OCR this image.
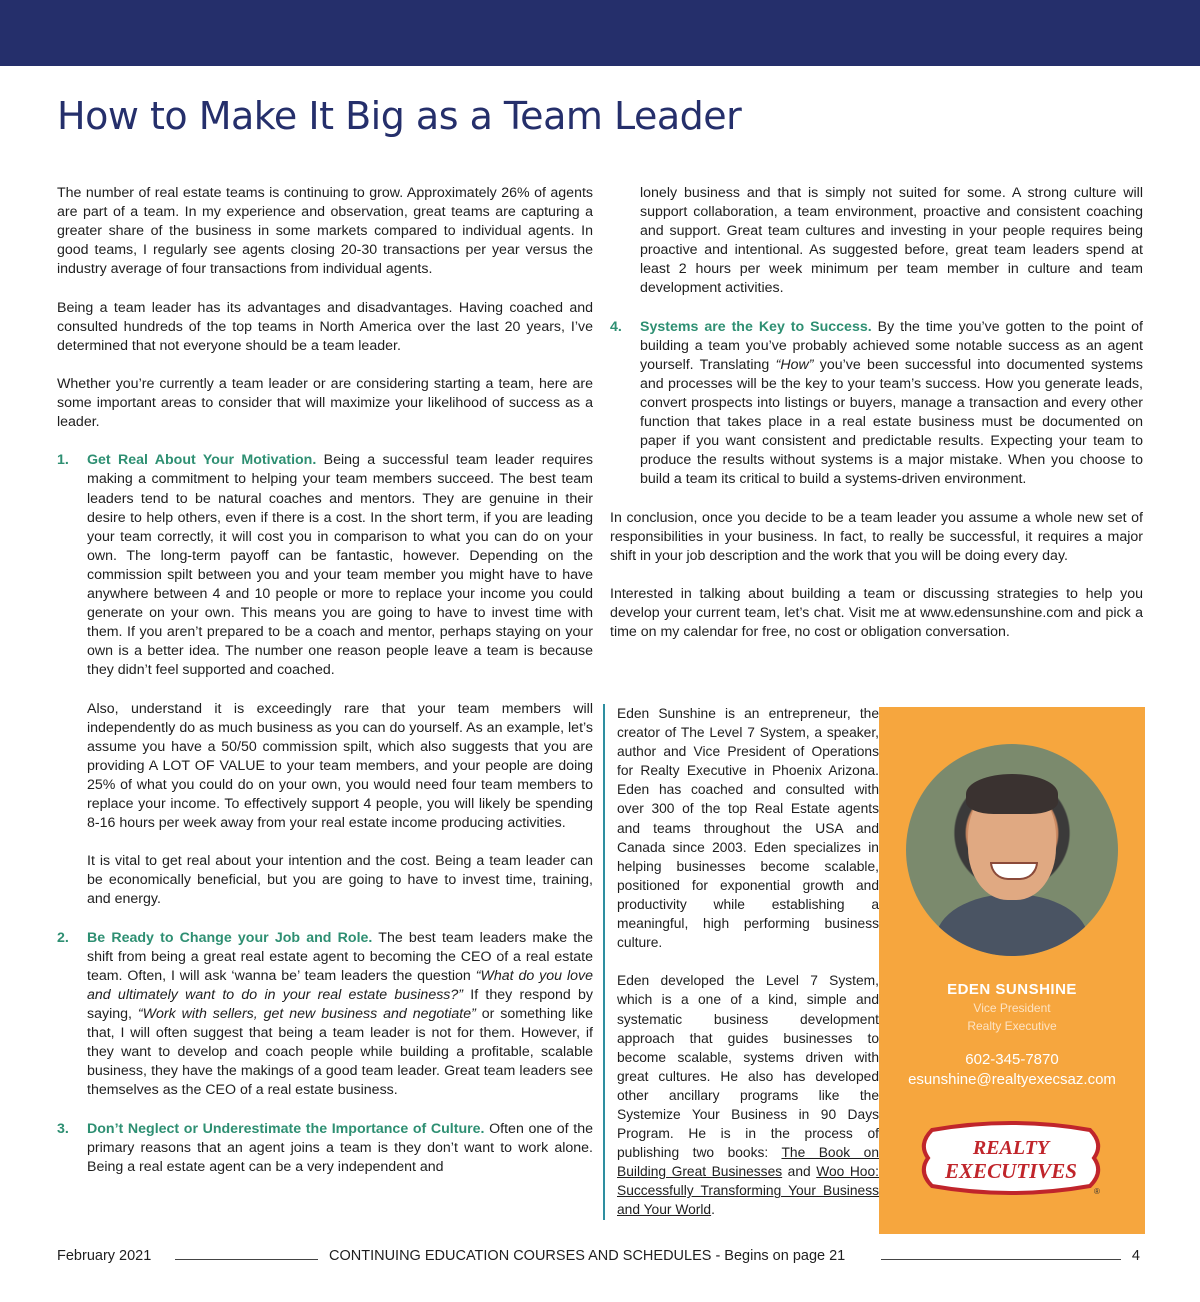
How to Make It Big as a Team Leader

The number of real estate teams is continuing to grow. Approximately 26% of agents are part of a team. In my experience and observation, great teams are capturing a greater share of the business in some markets compared to individual agents. In good teams, I regularly see agents closing 20-30 transactions per year versus the industry average of four transactions from individual agents.

Being a team leader has its advantages and disadvantages. Having coached and consulted hundreds of the top teams in North America over the last 20 years, I’ve determined that not everyone should be a team leader.

Whether you’re currently a team leader or are considering starting a team, here are some important areas to consider that will maximize your likelihood of success as a leader.

1.	Get Real About Your Motivation. Being a successful team leader requires making a commitment to helping your team members succeed. The best team leaders tend to be natural coaches and mentors. They are genuine in their desire to help others, even if there is a cost. In the short term, if you are leading your team correctly, it will cost you in comparison to what you can do on your own. The long-term payoff can be fantastic, however. Depending on the commission spilt between you and your team member you might have to have anywhere between 4 and 10 people or more to replace your income you could generate on your own. This means you are going to have to invest time with them. If you aren’t prepared to be a coach and mentor, perhaps staying on your own is a better idea. The number one reason people leave a team is because they didn’t feel supported and coached.

Also, understand it is exceedingly rare that your team members will independently do as much business as you can do yourself. As an example, let’s assume you have a 50/50 commission spilt, which also suggests that you are providing A LOT OF VALUE to your team members, and your people are doing 25% of what you could do on your own, you would need four team members to replace your income. To effectively support 4 people, you will likely be spending 8-16 hours per week away from your real estate income producing activities.

It is vital to get real about your intention and the cost. Being a team leader can be economically beneficial, but you are going to have to invest time, training, and energy.

2.	Be Ready to Change your Job and Role. The best team leaders make the shift from being a great real estate agent to becoming the CEO of a real estate team. Often, I will ask ‘wanna be’ team leaders the question “What do you love and ultimately want to do in your real estate business?” If they respond by saying, “Work with sellers, get new business and negotiate” or something like that, I will often suggest that being a team leader is not for them. However, if they want to develop and coach people while building a profitable, scalable business, they have the makings of a good team leader. Great team leaders see themselves as the CEO of a real estate business.

3.	Don’t Neglect or Underestimate the Importance of Culture. Often one of the primary reasons that an agent joins a team is they don’t want to work alone. Being a real estate agent can be a very independent and

lonely business and that is simply not suited for some. A strong culture will support collaboration, a team environment, proactive and consistent coaching and support. Great team cultures and investing in your people requires being proactive and intentional. As suggested before, great team leaders spend at least 2 hours per week minimum per team member in culture and team development activities.

4.	Systems are the Key to Success. By the time you’ve gotten to the point of building a team you’ve probably achieved some notable success as an agent yourself. Translating “How” you’ve been successful into documented systems and processes will be the key to your team’s success. How you generate leads, convert prospects into listings or buyers, manage a transaction and every other function that takes place in a real estate business must be documented on paper if you want consistent and predictable results. Expecting your team to produce the results without systems is a major mistake. When you choose to build a team its critical to build a systems-driven environment.

In conclusion, once you decide to be a team leader you assume a whole new set of responsibilities in your business. In fact, to really be successful, it requires a major shift in your job description and the work that you will be doing every day.

Interested in talking about building a team or discussing strategies to help you develop your current team, let’s chat. Visit me at www.edensunshine.com and pick a time on my calendar for free, no cost or obligation conversation.

Eden Sunshine is an entrepreneur, the creator of The Level 7 System, a speaker, author and Vice President of Operations for Realty Executive in Phoenix Arizona. Eden has coached and consulted with over 300 of the top Real Estate agents and teams throughout the USA and Canada since 2003. Eden specializes in helping businesses become scalable, positioned for exponential growth and productivity while establishing a meaningful, high performing business culture.

Eden developed the Level 7 System, which is a one of a kind, simple and systematic business development approach that guides businesses to become scalable, systems driven with great cultures. He also has developed other ancillary programs like the Systemize Your Business in 90 Days Program. He is in the process of publishing two books: The Book on Building Great Businesses and Woo Hoo: Successfully Transforming Your Business and Your World.

EDEN SUNSHINE
Vice President
Realty Executive
602-345-7870
esunshine@realtyexecsaz.com
REALTY
EXECUTIVES
®
February 2021	CONTINUING EDUCATION COURSES AND SCHEDULES - Begins on page 21	4
